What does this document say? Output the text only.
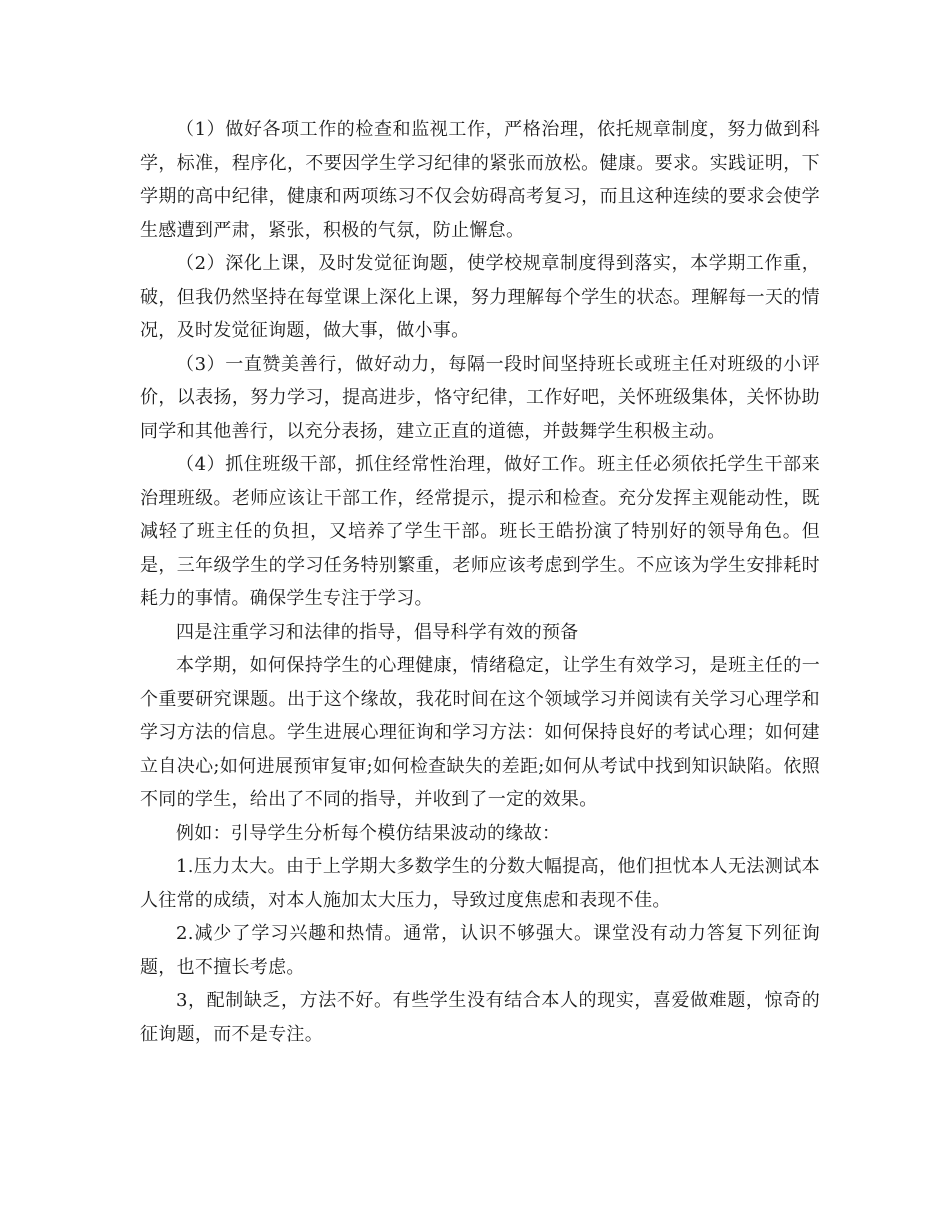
（1）做好各项工作的检查和监视工作，严格治理，依托规章制度，努力做到科学，标准，程序化，不要因学生学习纪律的紧张而放松。健康。要求。实践证明，下学期的高中纪律，健康和两项练习不仅会妨碍高考复习，而且这种连续的要求会使学生感遭到严肃，紧张，积极的气氛，防止懈怠。

（2）深化上课，及时发觉征询题，使学校规章制度得到落实，本学期工作重，破，但我仍然坚持在每堂课上深化上课，努力理解每个学生的状态。理解每一天的情况，及时发觉征询题，做大事，做小事。

（3）一直赞美善行，做好动力，每隔一段时间坚持班长或班主任对班级的小评价，以表扬，努力学习，提高进步，恪守纪律，工作好吧，关怀班级集体，关怀协助同学和其他善行，以充分表扬，建立正直的道德，并鼓舞学生积极主动。

（4）抓住班级干部，抓住经常性治理，做好工作。班主任必须依托学生干部来治理班级。老师应该让干部工作，经常提示，提示和检查。充分发挥主观能动性，既减轻了班主任的负担，又培养了学生干部。班长王皓扮演了特别好的领导角色。但是，三年级学生的学习任务特别繁重，老师应该考虑到学生。不应该为学生安排耗时耗力的事情。确保学生专注于学习。

四是注重学习和法律的指导，倡导科学有效的预备

本学期，如何保持学生的心理健康，情绪稳定，让学生有效学习，是班主任的一个重要研究课题。出于这个缘故，我花时间在这个领域学习并阅读有关学习心理学和学习方法的信息。学生进展心理征询和学习方法：如何保持良好的考试心理；如何建立自决心;如何进展预审复审;如何检查缺失的差距;如何从考试中找到知识缺陷。依照不同的学生，给出了不同的指导，并收到了一定的效果。

例如：引导学生分析每个模仿结果波动的缘故：

1.压力太大。由于上学期大多数学生的分数大幅提高，他们担忧本人无法测试本人往常的成绩，对本人施加太大压力，导致过度焦虑和表现不佳。

2.减少了学习兴趣和热情。通常，认识不够强大。课堂没有动力答复下列征询题，也不擅长考虑。

3，配制缺乏，方法不好。有些学生没有结合本人的现实，喜爱做难题，惊奇的征询题，而不是专注。
